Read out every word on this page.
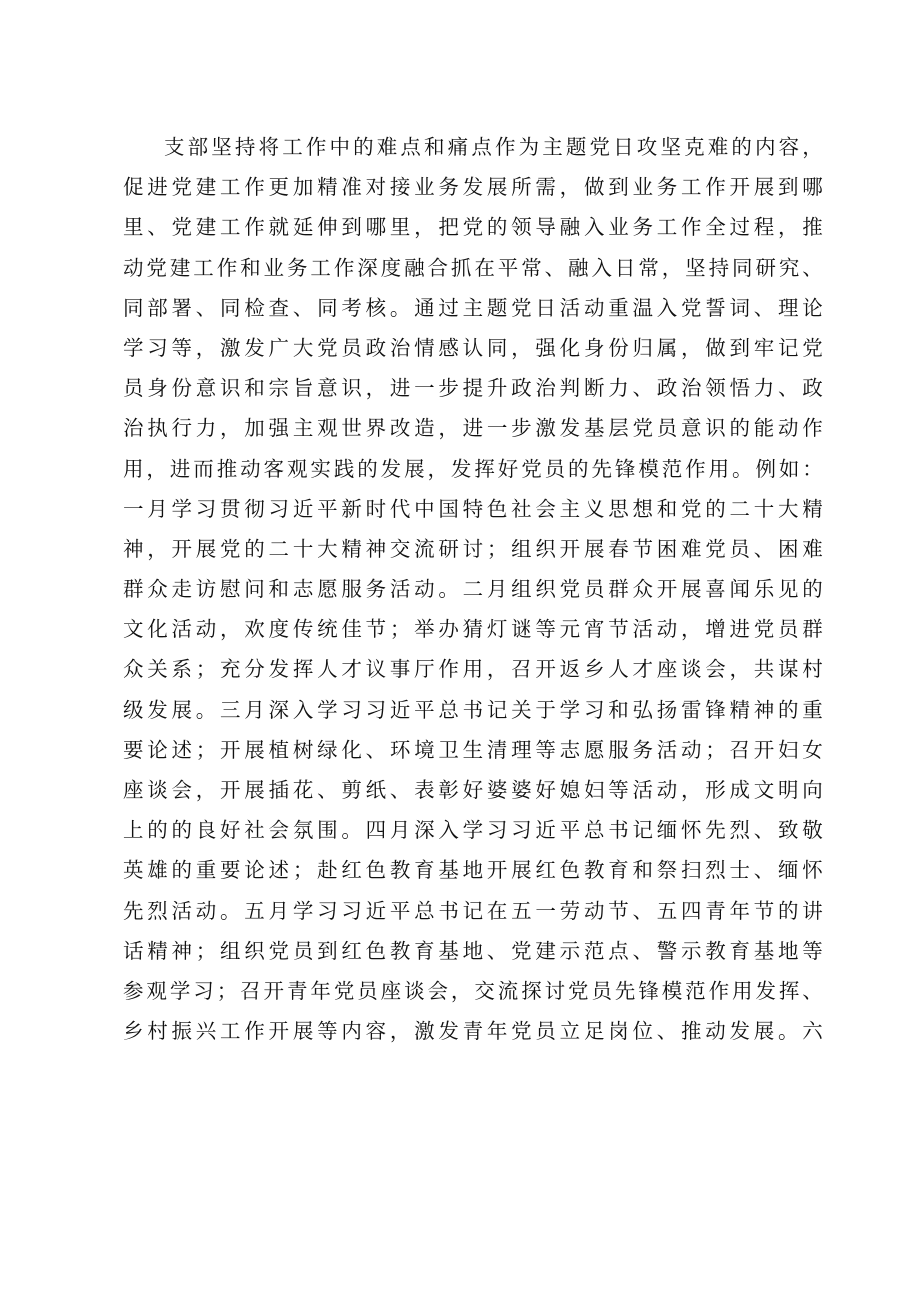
支部坚持将工作中的难点和痛点作为主题党日攻坚克难的内容，
促进党建工作更加精准对接业务发展所需，做到业务工作开展到哪
里、党建工作就延伸到哪里，把党的领导融入业务工作全过程，推
动党建工作和业务工作深度融合抓在平常、融入日常，坚持同研究、
同部署、同检查、同考核。通过主题党日活动重温入党誓词、理论
学习等，激发广大党员政治情感认同，强化身份归属，做到牢记党
员身份意识和宗旨意识，进一步提升政治判断力、政治领悟力、政
治执行力，加强主观世界改造，进一步激发基层党员意识的能动作
用，进而推动客观实践的发展，发挥好党员的先锋模范作用。例如：
一月学习贯彻习近平新时代中国特色社会主义思想和党的二十大精
神，开展党的二十大精神交流研讨；组织开展春节困难党员、困难
群众走访慰问和志愿服务活动。二月组织党员群众开展喜闻乐见的
文化活动，欢度传统佳节；举办猜灯谜等元宵节活动，增进党员群
众关系；充分发挥人才议事厅作用，召开返乡人才座谈会，共谋村
级发展。三月深入学习习近平总书记关于学习和弘扬雷锋精神的重
要论述；开展植树绿化、环境卫生清理等志愿服务活动；召开妇女
座谈会，开展插花、剪纸、表彰好婆婆好媳妇等活动，形成文明向
上的的良好社会氛围。四月深入学习习近平总书记缅怀先烈、致敬
英雄的重要论述；赴红色教育基地开展红色教育和祭扫烈士、缅怀
先烈活动。五月学习习近平总书记在五一劳动节、五四青年节的讲
话精神；组织党员到红色教育基地、党建示范点、警示教育基地等
参观学习；召开青年党员座谈会，交流探讨党员先锋模范作用发挥、
乡村振兴工作开展等内容，激发青年党员立足岗位、推动发展。六
